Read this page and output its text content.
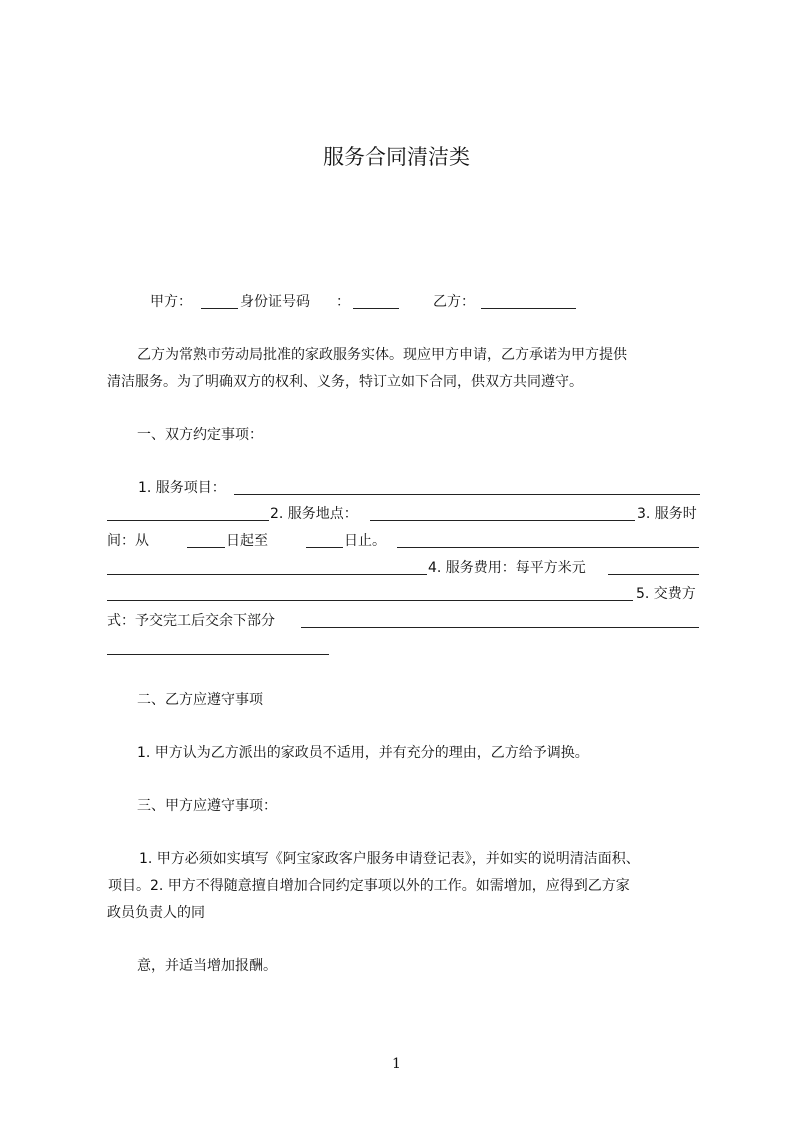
服务合同清洁类
甲方：	身份证号码 ：	乙方：
乙方为常熟市劳动局批准的家政服务实体。现应甲方申请，乙方承诺为甲方提供
清洁服务。为了明确双方的权利、义务，特订立如下合同，供双方共同遵守。
一、双方约定事项：
1. 服务项目：
2. 服务地点：	3. 服务时
间：从	日起至	日止。
4. 服务费用：每平方米元
5. 交费方
式：予交完工后交余下部分
二、乙方应遵守事项
1. 甲方认为乙方派出的家政员不适用，并有充分的理由，乙方给予调换。
三、甲方应遵守事项：
1. 甲方必须如实填写《阿宝家政客户服务申请登记表》，并如实的说明清洁面积、
项目。2. 甲方不得随意擅自增加合同约定事项以外的工作。如需增加，应得到乙方家
政员负责人的同
意，并适当增加报酬。
1
